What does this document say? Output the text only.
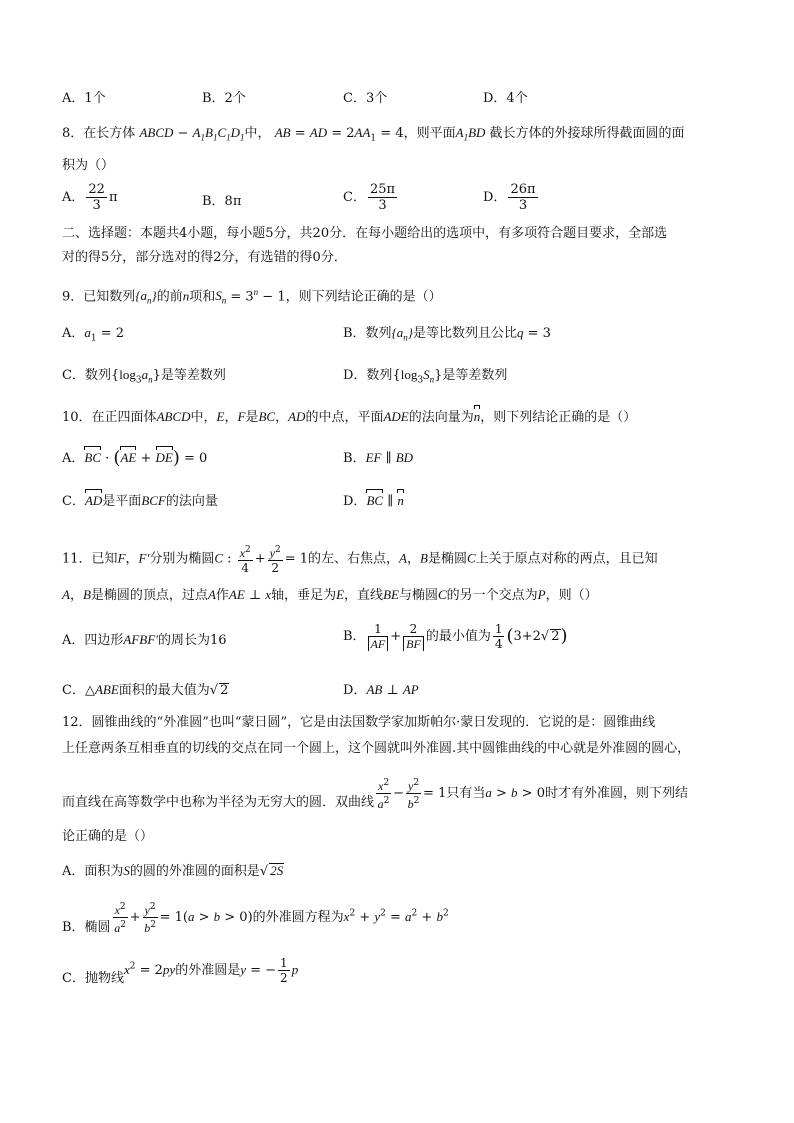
A．1个	B．2个	C．3个	D．4个
8．在长方体 ABCD − $A_1B_1C_1D_1$中， AB = AD = $2AA_1 = 4$，则平面$A_1BD$ 截长方体的外接球所得截面圆的面
积为（）
A． $\frac{22}{3}$ π	B．8π	C． $\frac{25\pi}{3}$	D． $\frac{26\pi}{3}$
二、选择题：本题共4小题，每小题5分，共20分．在每小题给出的选项中，有多项符合题目要求，全部选
对的得5分，部分选对的得2分，有选错的得0分．
9．已知数列$\{a_n\}$的前n项和$S_n = 3^n - 1$，则下列结论正确的是（）
A．$a_1 = 2$	B．数列$\{a_n\}$是等比数列且公比q = 3
C．数列$\{\log_3a_n\}$是等差数列	D．数列$\{\log_3S_n\}$是等差数列
10．在正四面体ABCD中，E，F是BC，AD的中点，平面ADE的法向量为n，则下列结论正确的是（）
A．BC · (AE + DE) = 0	B．EF ∥ BD
C．AD是平面BCF的法向量	D．BC ∥ n
11．已知F，F′分别为椭圆C : $\frac{x^2}{4} + \frac{y^2}{2} = 1$的左、右焦点，A，B是椭圆C上关于原点对称的两点，且已知
A，B是椭圆的顶点，过点A作AE ⊥ x轴，垂足为E，直线BE与椭圆C的另一个交点为P，则（）
A．四边形AFBF′的周长为16	B． $\frac{1}{AF} + \frac{2}{BF}$ 的最小值为 $\frac{1}{4} (3+2√$ 2)
C．△ABE面积的最大值为√ 2	D．AB ⊥ AP
12．圆锥曲线的“外准圆”也叫“蒙日圆”，它是由法国数学家加斯帕尔·蒙日发现的．它说的是：圆锥曲线
上任意两条互相垂直的切线的交点在同一个圆上，这个圆就叫外准圆.其中圆锥曲线的中心就是外准圆的圆心，
而直线在高等数学中也称为半径为无穷大的圆．双曲线 $\frac{x^2}{a^2} - \frac{y^2}{b^2} = 1$只有当a > b > 0时才有外准圆，则下列结
论正确的是（）
A．面积为S的圆的外准圆的面积是√ 2S
B．椭圆 $\frac{x^2}{a^2} + \frac{y^2}{b^2} = 1(a > b > 0)$的外准圆方程为$x^2 + y^2 = a^2 + b^2$
C．抛物线$x^2 = 2py$的外准圆是y = − $\frac{1}{2}$ p
